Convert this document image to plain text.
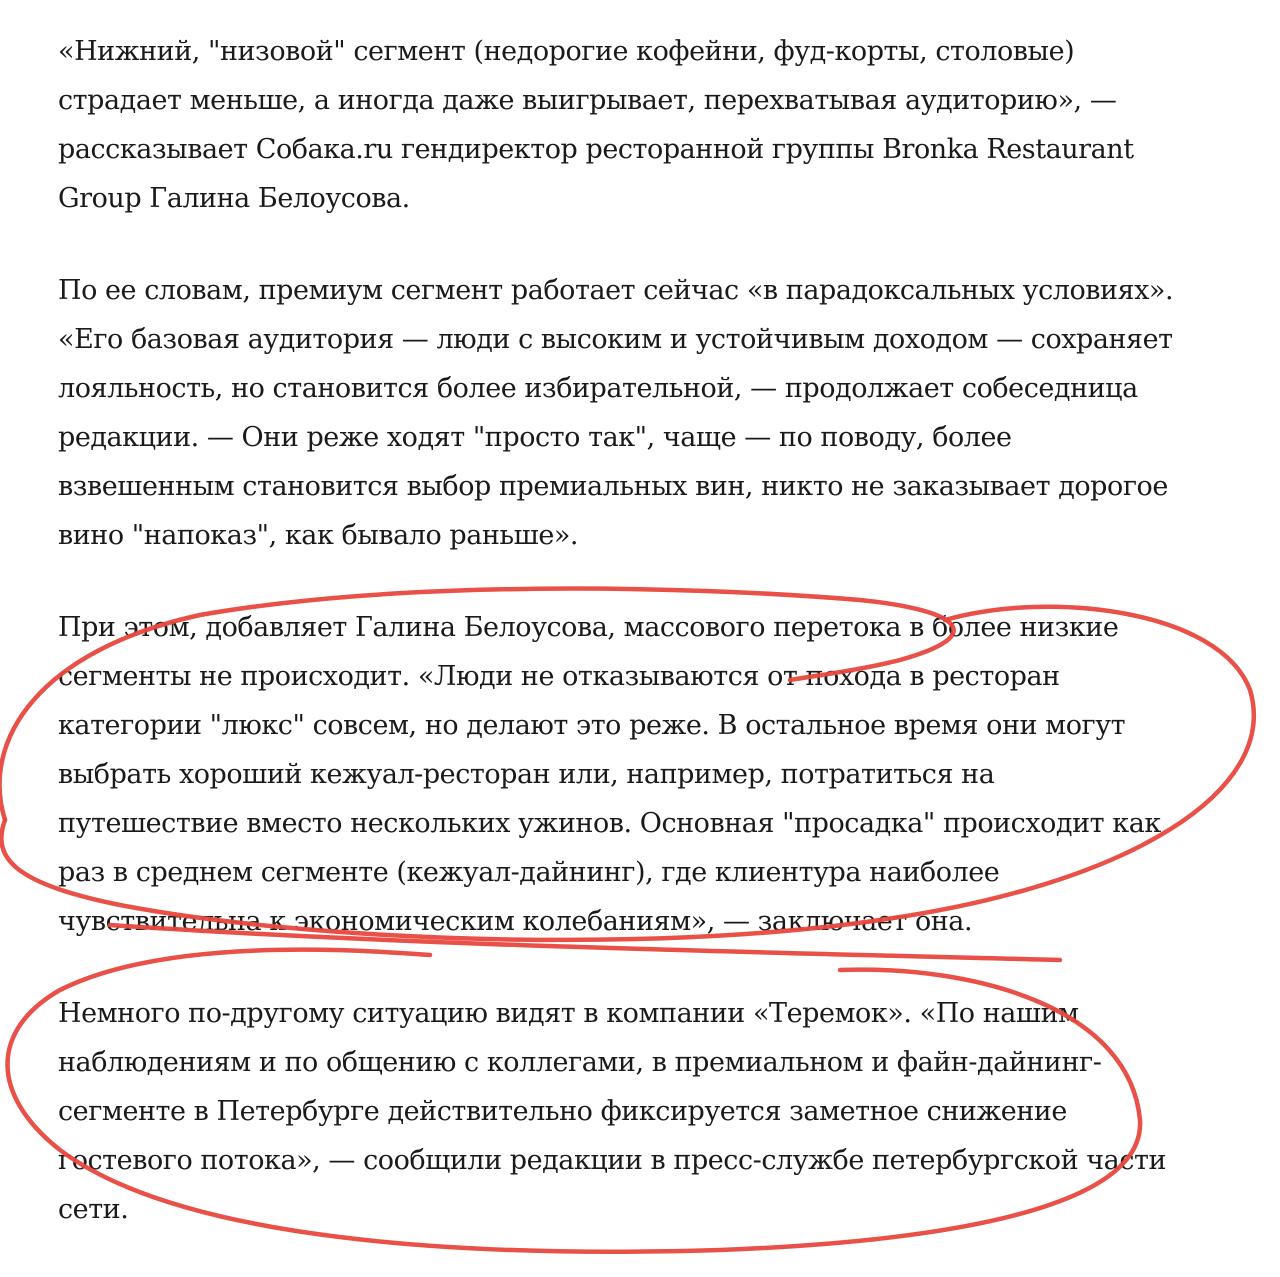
«Нижний, "низовой" сегмент (недорогие кофейни, фуд-корты, столовые)
страдает меньше, а иногда даже выигрывает, перехватывая аудиторию», —
рассказывает Собака.ru гендиректор ресторанной группы Bronka Restaurant
Group Галина Белоусова.

По ее словам, премиум сегмент работает сейчас «в парадоксальных условиях».
«Его базовая аудитория — люди с высоким и устойчивым доходом — сохраняет
лояльность, но становится более избирательной, — продолжает собеседница
редакции. — Они реже ходят "просто так", чаще — по поводу, более
взвешенным становится выбор премиальных вин, никто не заказывает дорогое
вино "напоказ", как бывало раньше».

При этом, добавляет Галина Белоусова, массового перетока в более низкие
сегменты не происходит. «Люди не отказываются от похода в ресторан
категории "люкс" совсем, но делают это реже. В остальное время они могут
выбрать хороший кежуал-ресторан или, например, потратиться на
путешествие вместо нескольких ужинов. Основная "просадка" происходит как
раз в среднем сегменте (кежуал-дайнинг), где клиентура наиболее
чувствительна к экономическим колебаниям», — заключает она.

Немного по-другому ситуацию видят в компании «Теремок». «По нашим
наблюдениям и по общению с коллегами, в премиальном и файн-дайнинг-
сегменте в Петербурге действительно фиксируется заметное снижение
гостевого потока», — сообщили редакции в пресс-службе петербургской части
сети.
